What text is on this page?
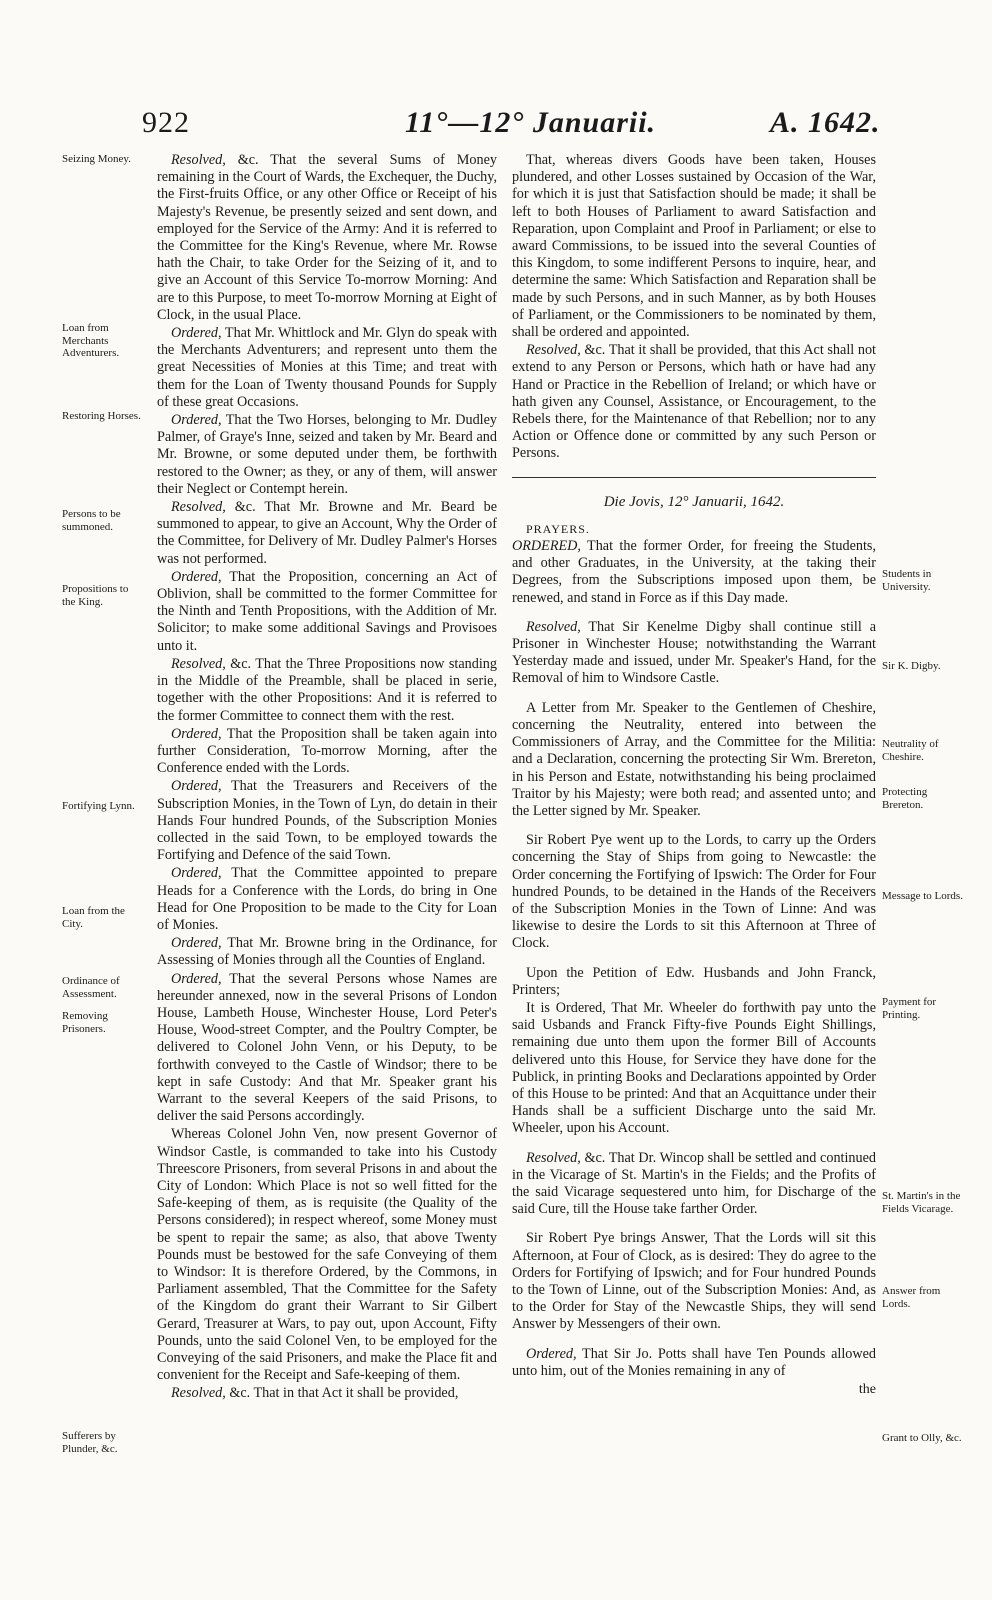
922	11°—12° Januarii.	A. 1642.

Resolved, &c. That the several Sums of Money remaining in the Court of Wards, the Exchequer, the Duchy, the First-fruits Office, or any other Office or Receipt of his Majesty's Revenue, be presently seized and sent down, and employed for the Service of the Army: And it is referred to the Committee for the King's Revenue, where Mr. Rowse hath the Chair, to take Order for the Seizing of it, and to give an Account of this Service To-morrow Morning: And are to this Purpose, to meet To-morrow Morning at Eight of Clock, in the usual Place.

Ordered, That Mr. Whittlock and Mr. Glyn do speak with the Merchants Adventurers; and represent unto them the great Necessities of Monies at this Time; and treat with them for the Loan of Twenty thousand Pounds for Supply of these great Occasions.

Ordered, That the Two Horses, belonging to Mr. Dudley Palmer, of Graye's Inne, seized and taken by Mr. Beard and Mr. Browne, or some deputed under them, be forthwith restored to the Owner; as they, or any of them, will answer their Neglect or Contempt herein.

Resolved, &c. That Mr. Browne and Mr. Beard be summoned to appear, to give an Account, Why the Order of the Committee, for Delivery of Mr. Dudley Palmer's Horses was not performed.

Ordered, That the Proposition, concerning an Act of Oblivion, shall be committed to the former Committee for the Ninth and Tenth Propositions, with the Addition of Mr. Solicitor; to make some additional Savings and Provisoes unto it.

Resolved, &c. That the Three Propositions now standing in the Middle of the Preamble, shall be placed in serie, together with the other Propositions: And it is referred to the former Committee to connect them with the rest.

Ordered, That the Proposition shall be taken again into further Consideration, To-morrow Morning, after the Conference ended with the Lords.

Ordered, That the Treasurers and Receivers of the Subscription Monies, in the Town of Lyn, do detain in their Hands Four hundred Pounds, of the Subscription Monies collected in the said Town, to be employed towards the Fortifying and Defence of the said Town.

Ordered, That the Committee appointed to prepare Heads for a Conference with the Lords, do bring in One Head for One Proposition to be made to the City for Loan of Monies.

Ordered, That Mr. Browne bring in the Ordinance, for Assessing of Monies through all the Counties of England.

Ordered, That the several Persons whose Names are hereunder annexed, now in the several Prisons of London House, Lambeth House, Winchester House, Lord Peter's House, Wood-street Compter, and the Poultry Compter, be delivered to Colonel John Venn, or his Deputy, to be forthwith conveyed to the Castle of Windsor; there to be kept in safe Custody: And that Mr. Speaker grant his Warrant to the several Keepers of the said Prisons, to deliver the said Persons accordingly.

Whereas Colonel John Ven, now present Governor of Windsor Castle, is commanded to take into his Custody Threescore Prisoners, from several Prisons in and about the City of London: Which Place is not so well fitted for the Safe-keeping of them, as is requisite (the Quality of the Persons considered); in respect whereof, some Money must be spent to repair the same; as also, that above Twenty Pounds must be bestowed for the safe Conveying of them to Windsor: It is therefore Ordered, by the Commons, in Parliament assembled, That the Committee for the Safety of the Kingdom do grant their Warrant to Sir Gilbert Gerard, Treasurer at Wars, to pay out, upon Account, Fifty Pounds, unto the said Colonel Ven, to be employed for the Conveying of the said Prisoners, and make the Place fit and convenient for the Receipt and Safe-keeping of them.

Resolved, &c. That in that Act it shall be provided,

Seizing Money.
Loan from Merchants Adventurers.
Restoring Horses.
Persons to be summoned.
Propositions to the King.
Fortifying Lynn.
Loan from the City.
Ordinance of Assessment.
Removing Prisoners.
Sufferers by Plunder, &c.

That, whereas divers Goods have been taken, Houses plundered, and other Losses sustained by Occasion of the War, for which it is just that Satisfaction should be made; it shall be left to both Houses of Parliament to award Satisfaction and Reparation, upon Complaint and Proof in Parliament; or else to award Commissions, to be issued into the several Counties of this Kingdom, to some indifferent Persons to inquire, hear, and determine the same: Which Satisfaction and Reparation shall be made by such Persons, and in such Manner, as by both Houses of Parliament, or the Commissioners to be nominated by them, shall be ordered and appointed.

Resolved, &c. That it shall be provided, that this Act shall not extend to any Person or Persons, which hath or have had any Hand or Practice in the Rebellion of Ireland; or which have or hath given any Counsel, Assistance, or Encouragement, to the Rebels there, for the Maintenance of that Rebellion; nor to any Action or Offence done or committed by any such Person or Persons.

Die Jovis, 12° Januarii, 1642.

PRAYERS.

ORDERED, That the former Order, for freeing the Students, and other Graduates, in the University, at the taking their Degrees, from the Subscriptions imposed upon them, be renewed, and stand in Force as if this Day made.

Resolved, That Sir Kenelme Digby shall continue still a Prisoner in Winchester House; notwithstanding the Warrant Yesterday made and issued, under Mr. Speaker's Hand, for the Removal of him to Windsore Castle.

A Letter from Mr. Speaker to the Gentlemen of Cheshire, concerning the Neutrality, entered into between the Commissioners of Array, and the Committee for the Militia: and a Declaration, concerning the protecting Sir Wm. Brereton, in his Person and Estate, notwithstanding his being proclaimed Traitor by his Majesty; were both read; and assented unto; and the Letter signed by Mr. Speaker.

Sir Robert Pye went up to the Lords, to carry up the Orders concerning the Stay of Ships from going to Newcastle: the Order concerning the Fortifying of Ipswich: The Order for Four hundred Pounds, to be detained in the Hands of the Receivers of the Subscription Monies in the Town of Linne: And was likewise to desire the Lords to sit this Afternoon at Three of Clock.

Upon the Petition of Edw. Husbands and John Franck, Printers;

It is Ordered, That Mr. Wheeler do forthwith pay unto the said Usbands and Franck Fifty-five Pounds Eight Shillings, remaining due unto them upon the former Bill of Accounts delivered unto this House, for Service they have done for the Publick, in printing Books and Declarations appointed by Order of this House to be printed: And that an Acquittance under their Hands shall be a sufficient Discharge unto the said Mr. Wheeler, upon his Account.

Resolved, &c. That Dr. Wincop shall be settled and continued in the Vicarage of St. Martin's in the Fields; and the Profits of the said Vicarage sequestered unto him, for Discharge of the said Cure, till the House take farther Order.

Sir Robert Pye brings Answer, That the Lords will sit this Afternoon, at Four of Clock, as is desired: They do agree to the Orders for Fortifying of Ipswich; and for Four hundred Pounds to the Town of Linne, out of the Subscription Monies: And, as to the Order for Stay of the Newcastle Ships, they will send Answer by Messengers of their own.

Ordered, That Sir Jo. Potts shall have Ten Pounds allowed unto him, out of the Monies remaining in any of

the
Students in University.
Sir K. Digby.
Neutrality of Cheshire.
Protecting Brereton.
Message to Lords.
Payment for Printing.
St. Martin's in the Fields Vicarage.
Answer from Lords.
Grant to Olly, &c.
